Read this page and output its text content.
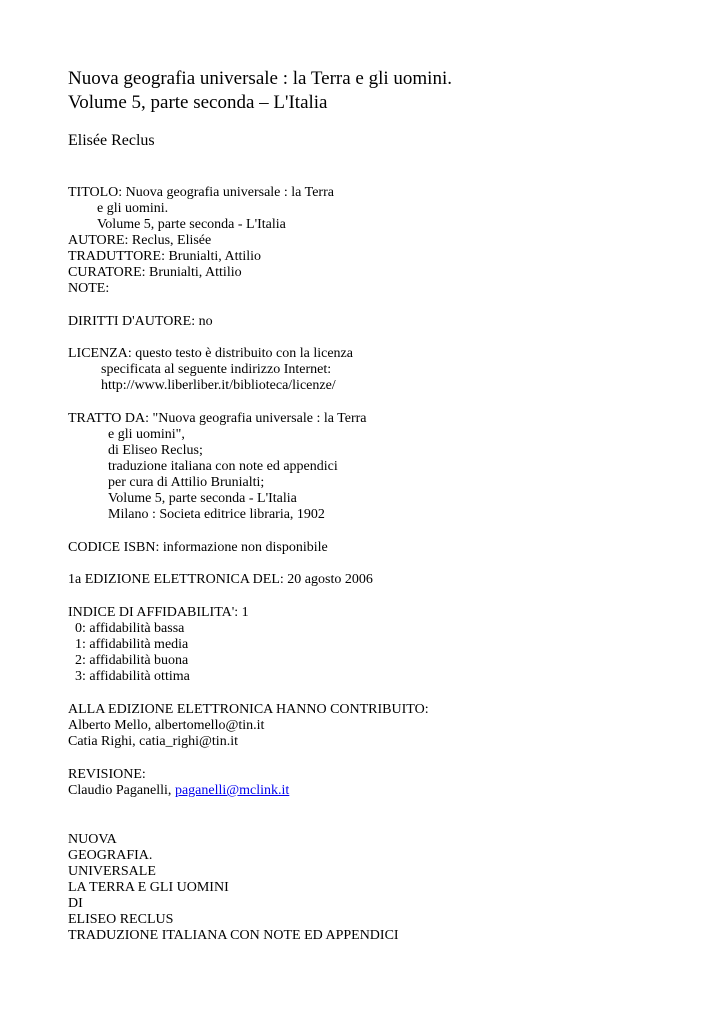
Nuova geografia universale : la Terra e gli uomini.
Volume 5, parte seconda – L'Italia
Elisée Reclus
TITOLO: Nuova geografia universale : la Terra
e gli uomini.
Volume 5, parte seconda - L'Italia
AUTORE: Reclus, Elisée
TRADUTTORE: Brunialti, Attilio
CURATORE: Brunialti, Attilio
NOTE:
DIRITTI D'AUTORE: no
LICENZA: questo testo è distribuito con la licenza
specificata al seguente indirizzo Internet:
http://www.liberliber.it/biblioteca/licenze/
TRATTO DA: "Nuova geografia universale : la Terra
e gli uomini",
di Eliseo Reclus;
traduzione italiana con note ed appendici
per cura di Attilio Brunialti;
Volume 5, parte seconda - L'Italia
Milano : Societa editrice libraria, 1902
CODICE ISBN: informazione non disponibile
1a EDIZIONE ELETTRONICA DEL: 20 agosto 2006
INDICE DI AFFIDABILITA': 1
0: affidabilità bassa
1: affidabilità media
2: affidabilità buona
3: affidabilità ottima
ALLA EDIZIONE ELETTRONICA HANNO CONTRIBUITO:
Alberto Mello, albertomello@tin.it
Catia Righi, catia_righi@tin.it
REVISIONE:
Claudio Paganelli, paganelli@mclink.it
NUOVA
GEOGRAFIA.
UNIVERSALE
LA TERRA E GLI UOMINI
DI
ELISEO RECLUS
TRADUZIONE ITALIANA CON NOTE ED APPENDICI
